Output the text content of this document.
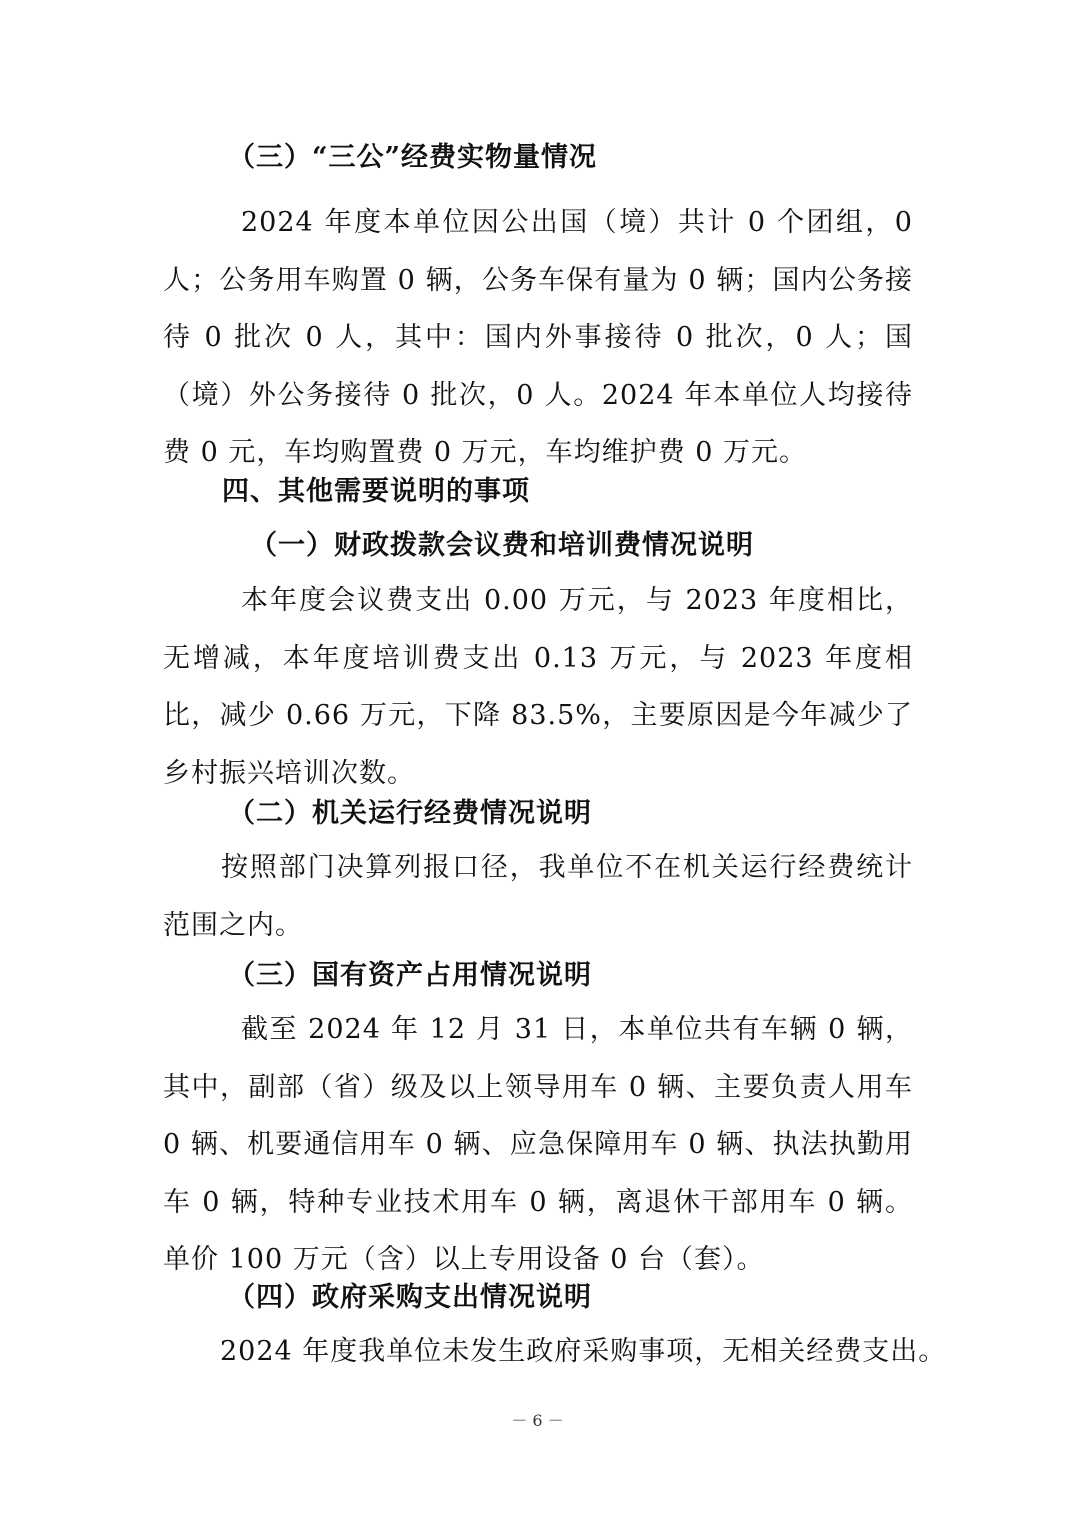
（三）“三公”经费实物量情况
2024 年度本单位因公出国（境）共计 0 个团组，0 人；公务用车购置 0 辆，公务车保有量为 0 辆；国内公务接待 0 批次 0 人，其中：国内外事接待 0 批次，0 人；国（境）外公务接待 0 批次，0 人。2024 年本单位人均接待费 0 元，车均购置费 0 万元，车均维护费 0 万元。
四、其他需要说明的事项
（一）财政拨款会议费和培训费情况说明
本年度会议费支出 0.00 万元，与 2023 年度相比，无增减，本年度培训费支出 0.13 万元，与 2023 年度相比，减少 0.66 万元，下降 83.5%，主要原因是今年减少了乡村振兴培训次数。
（二）机关运行经费情况说明
按照部门决算列报口径，我单位不在机关运行经费统计范围之内。
（三）国有资产占用情况说明
截至 2024 年 12 月 31 日，本单位共有车辆 0 辆，其中，副部（省）级及以上领导用车 0 辆、主要负责人用车 0 辆、机要通信用车 0 辆、应急保障用车 0 辆、执法执勤用车 0 辆，特种专业技术用车 0 辆，离退休干部用车 0 辆。单价 100 万元（含）以上专用设备 0 台（套）。
（四）政府采购支出情况说明
2024 年度我单位未发生政府采购事项，无相关经费支出。
－ 6 －
